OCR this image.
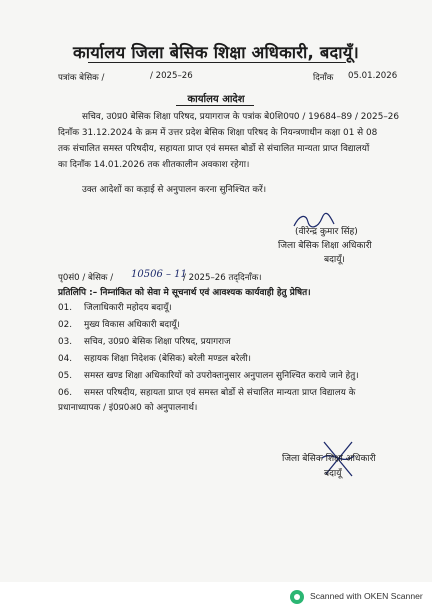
कार्यालय जिला बेसिक शिक्षा अधिकारी, बदायूँ।
पत्रांक बेसिक /	/ 2025–26	दिनाँक 05.01.2026
कार्यालय आदेश
सचिव, उ0प्र0 बेसिक शिक्षा परिषद, प्रयागराज के पत्रांक बे0शि0प0 / 19684–89 / 2025–26
दिनाँक 31.12.2024 के क्रम में उत्तर प्रदेश बेसिक शिक्षा परिषद के नियन्त्रणाधीन कक्षा 01 से 08
तक संचालित समस्त परिषदीय, सहायता प्राप्त एवं समस्त बोर्डो से संचालित मान्यता प्राप्त विद्यालयों
का दिनाँक 14.01.2026 तक शीतकालीन अवकाश रहेगा।
उक्त आदेशों का कड़ाई से अनुपालन करना सुनिश्चित करें।
(वीरेन्द्र कुमार सिंह)
जिला बेसिक शिक्षा अधिकारी
बदायूँ।
पृ0सं0 / बेसिक / 10506 – 11
/ 2025–26 तद्‌दिनाँक।
प्रतिलिपि :– निम्नांकित को सेवा मे सूचनार्थ एवं आवश्यक कार्यवाही हेतु प्रेषित।
01. जिलाधिकारी महोदय बदायूँ।
02. मुख्य विकास अधिकारी बदायूँ।
03. सचिव, उ0प्र0 बेसिक शिक्षा परिषद, प्रयागराज
04. सहायक शिक्षा निदेशक (बेसिक) बरेली मण्डल बरेली।
05. समस्त खण्ड शिक्षा अधिकारियों को उपरोक्तानुसार अनुपालन सुनिश्चित कराये जाने हेतु।
06. समस्त परिषदीय, सहायता प्राप्त एवं समस्त बोर्डो से संचालित मान्यता प्राप्त विद्यालय के
प्रधानाध्यापक / इं0प्र0अ0 को अनुपालनार्थ।
जिला बेसिक शिक्षा अधिकारी
बदायूँ
Scanned with OKEN Scanner
